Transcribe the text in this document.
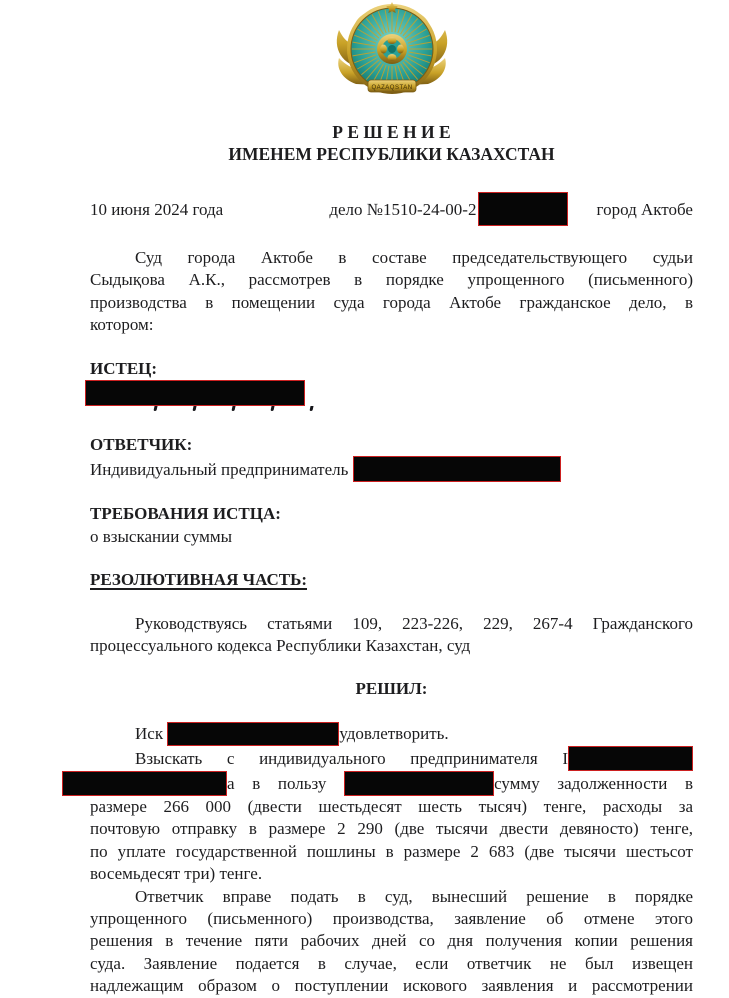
QAZAQSTAN
Р Е Ш Е Н И Е
ИМЕНЕМ РЕСПУБЛИКИ КАЗАХСТАН
10 июня 2024 года	дело №1510-24-00-2	город Актобе
Суд города Актобе в составе председательствующего судьи
Сыдықова А.К., рассмотрев в порядке упрощенного (письменного)
производства в помещении суда города Актобе гражданское дело, в
котором:
ИСТЕЦ:
ОТВЕТЧИК:
Индивидуальный предприниматель
ТРЕБОВАНИЯ ИСТЦА:
о взыскании суммы
РЕЗОЛЮТИВНАЯ ЧАСТЬ:
Руководствуясь статьями 109, 223-226, 229, 267-4 Гражданского
процессуального кодекса Республики Казахстан, суд
РЕШИЛ:
Иск	удовлетворить.
Взыскать с индивидуального предпринимателя І
а в пользу	сумму задолженности в
размере 266 000 (двести шестьдесят шесть тысяч) тенге, расходы за
почтовую отправку в размере 2 290 (две тысячи двести девяносто) тенге,
по уплате государственной пошлины в размере 2 683 (две тысячи шестьсот
восемьдесят три) тенге.
Ответчик вправе подать в суд, вынесший решение в порядке
упрощенного (письменного) производства, заявление об отмене этого
решения в течение пяти рабочих дней со дня получения копии решения
суда. Заявление подается в случае, если ответчик не был извещен
надлежащим образом о поступлении искового заявления и рассмотрении
